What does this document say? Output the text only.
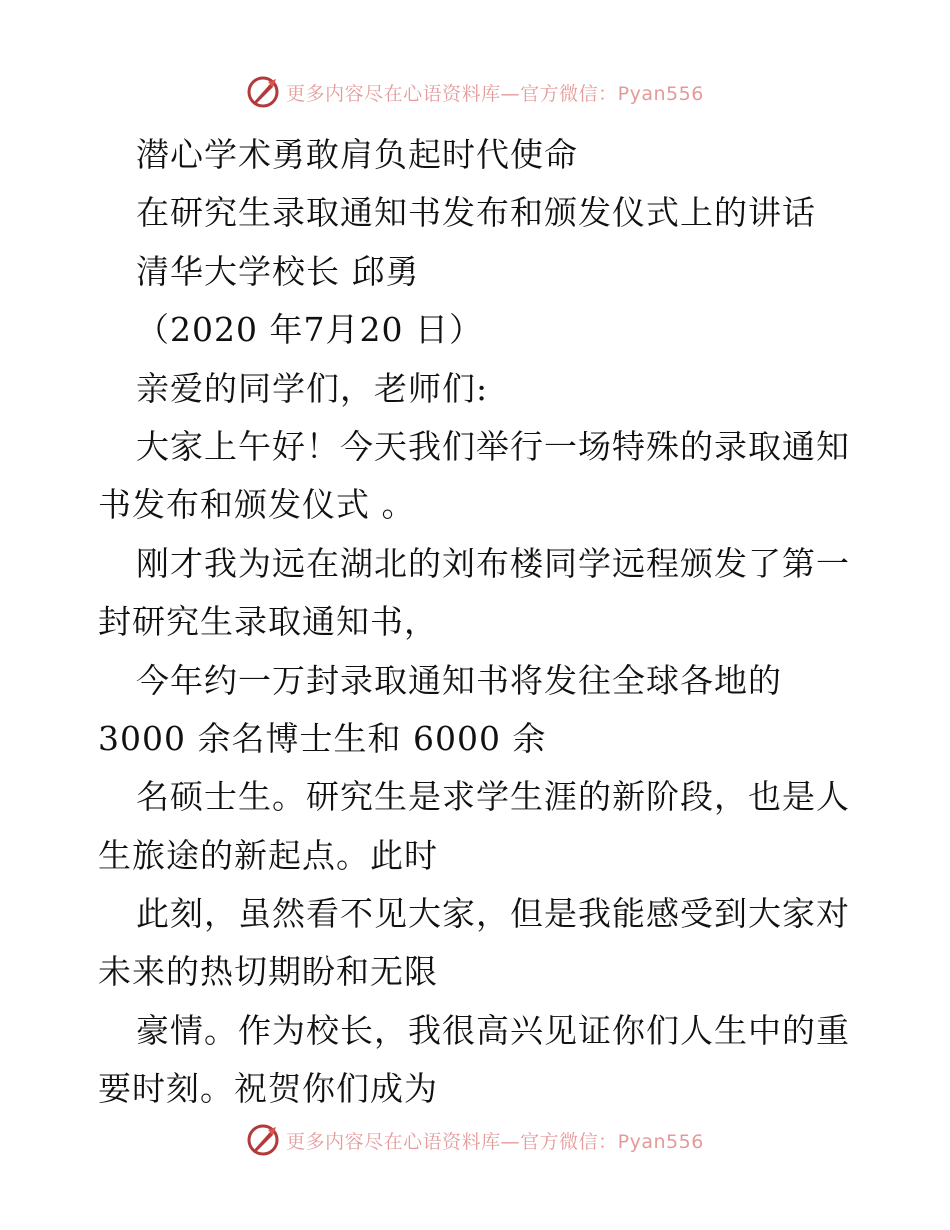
更多内容尽在心语资料库—官方微信：Pyan556
潜心学术勇敢肩负起时代使命
在研究生录取通知书发布和颁发仪式上的讲话
清华大学校长 邱勇
（2020 年7月20 日）
亲爱的同学们，老师们:
大家上午好！今天我们举行一场特殊的录取通知
书发布和颁发仪式 。
刚才我为远在湖北的刘布楼同学远程颁发了第一
封研究生录取通知书，
今年约一万封录取通知书将发往全球各地的
3000 余名博士生和 6000 余
名硕士生。研究生是求学生涯的新阶段，也是人
生旅途的新起点。此时
此刻，虽然看不见大家，但是我能感受到大家对
未来的热切期盼和无限
豪情。作为校长，我很高兴见证你们人生中的重
要时刻。祝贺你们成为
更多内容尽在心语资料库—官方微信：Pyan556
